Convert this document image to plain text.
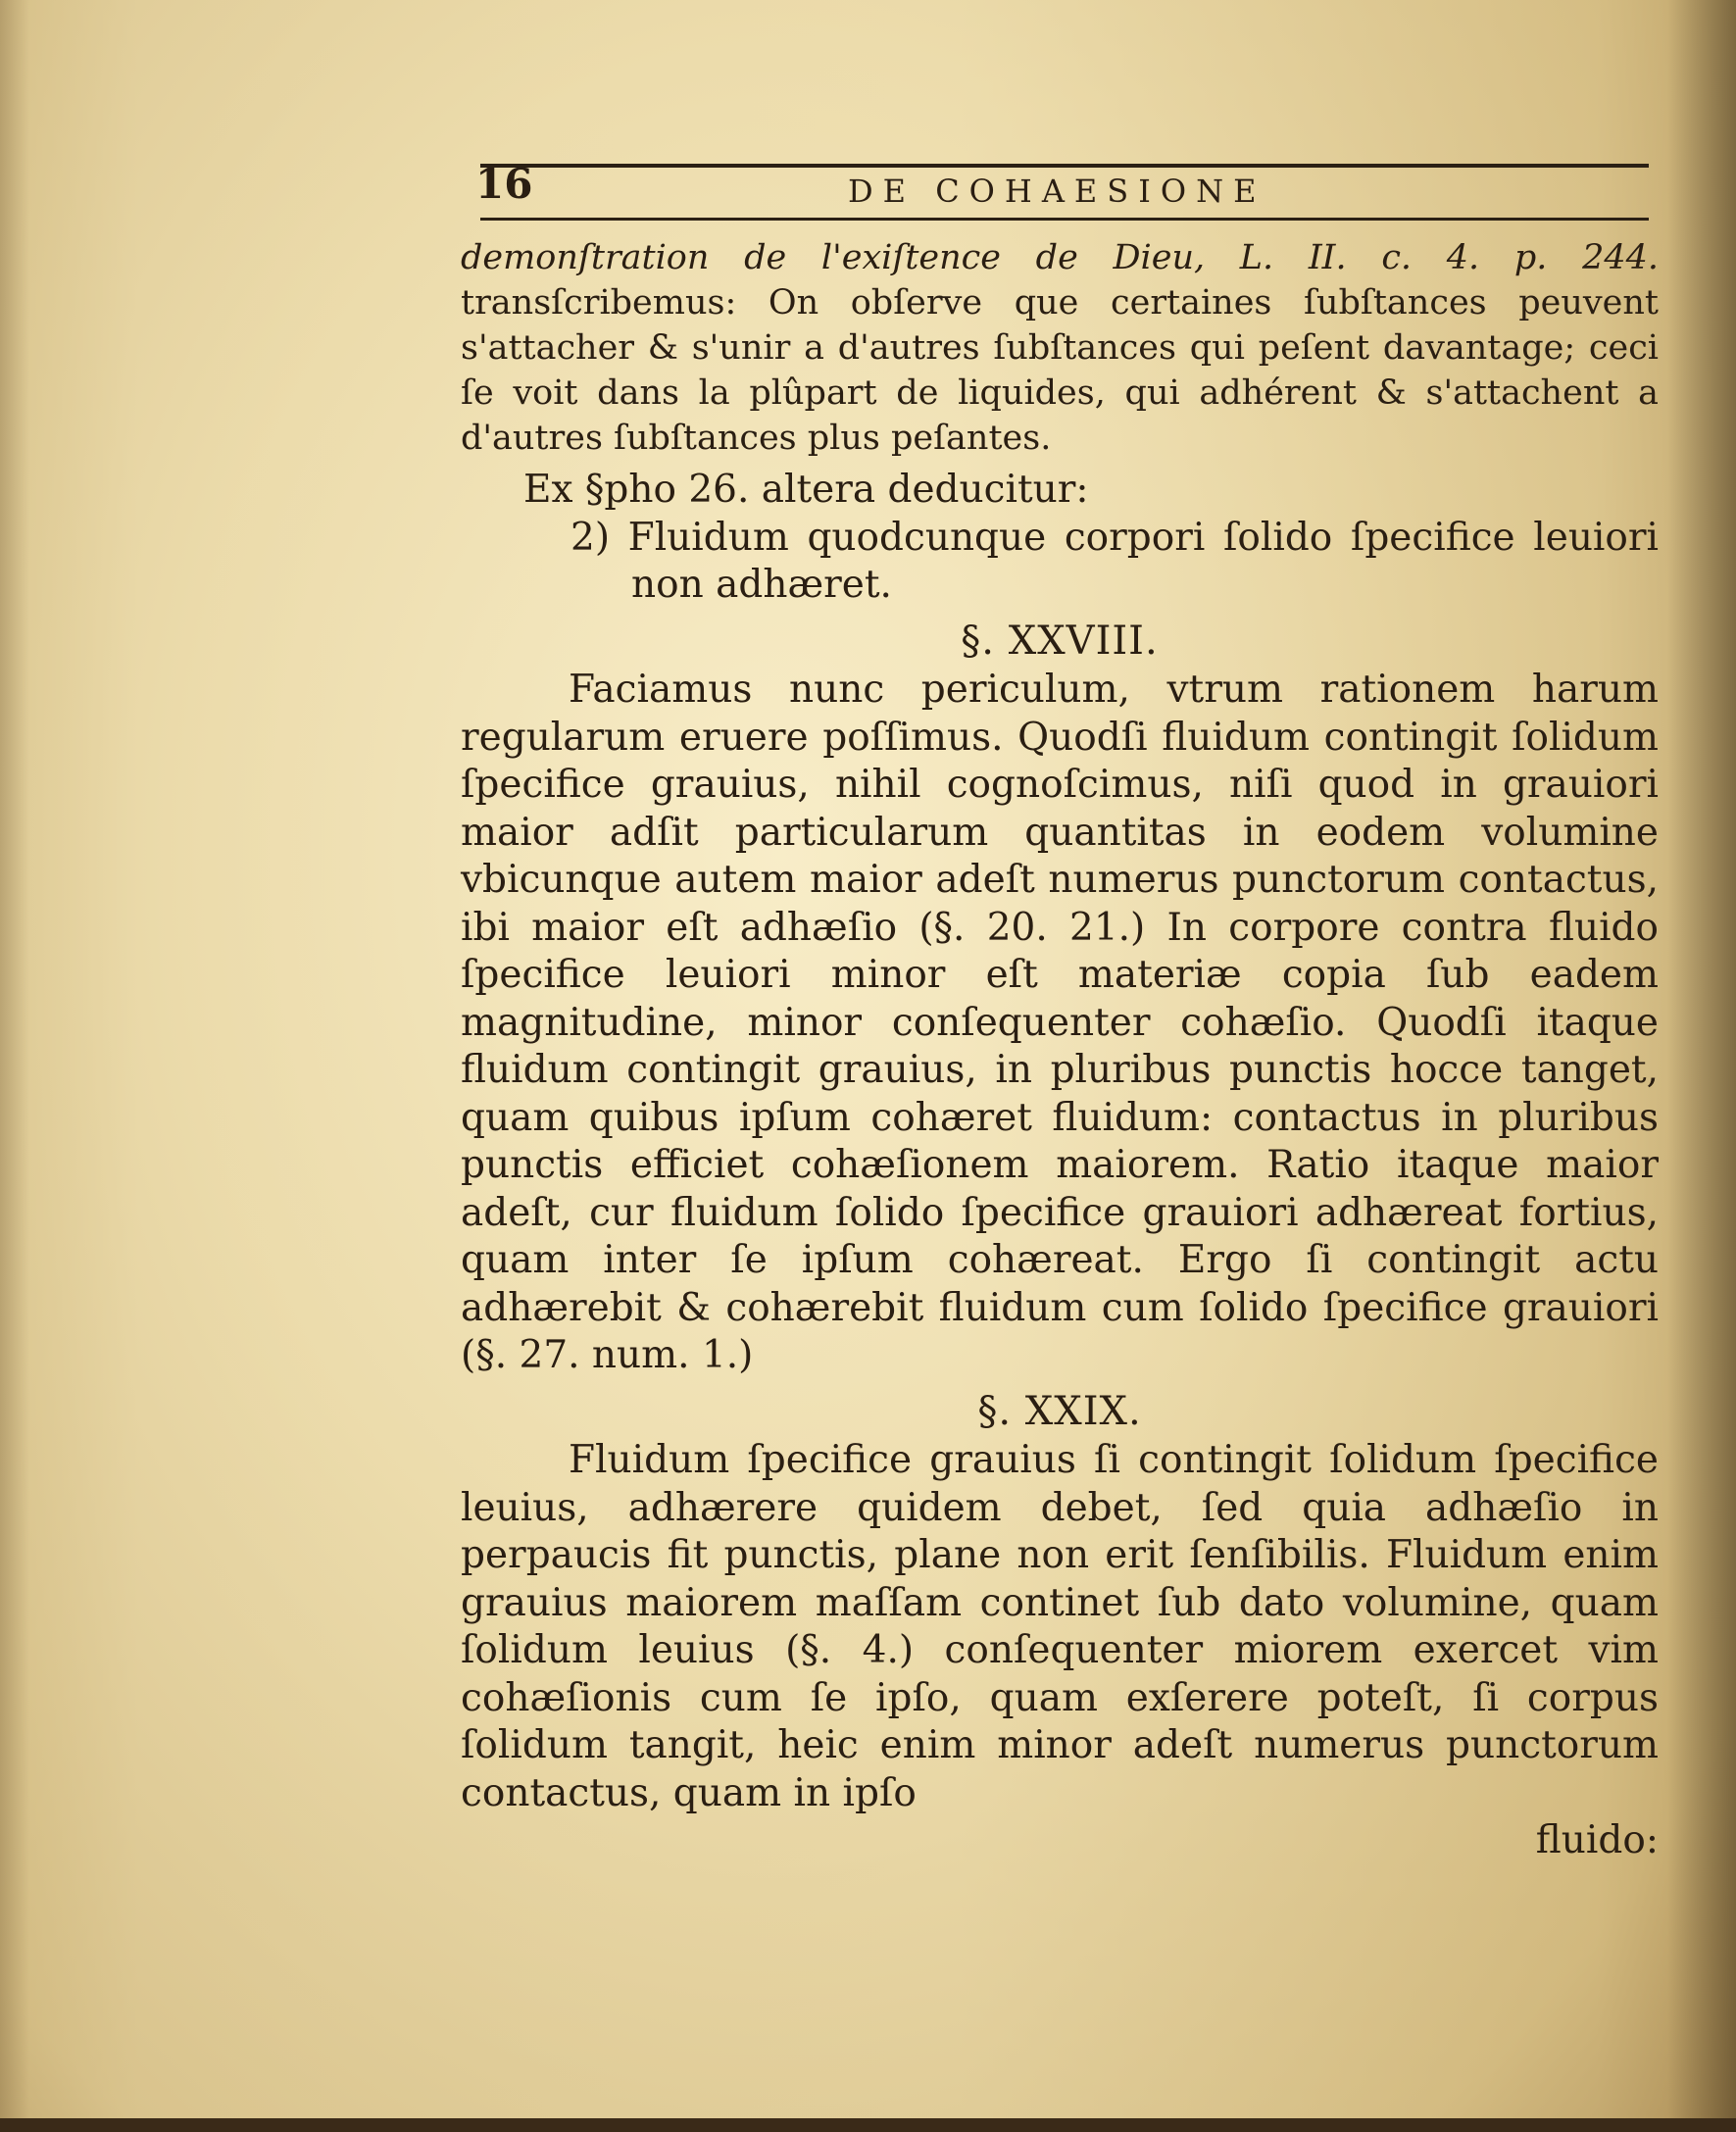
16	DE COHAESIONE

demonſtration de l'exiſtence de Dieu, L. II. c. 4. p. 244. transſcribemus: On obſerve que certaines ſubſtances peuvent s'attacher & s'unir a d'autres ſubſtances qui peſent davantage; ceci ſe voit dans la plûpart de liquides, qui adhérent & s'attachent a d'autres ſubſtances plus peſantes.

Ex §pho 26. altera deducitur:

2) Fluidum quodcunque corpori ſolido ſpecifice leuiori non adhæret.

§. XXVIII.

Faciamus nunc periculum, vtrum rationem harum regularum eruere poſſimus. Quodſi fluidum contingit ſolidum ſpecifice grauius, nihil cognoſcimus, niſi quod in grauiori maior adſit particularum quantitas in eodem volumine vbicunque autem maior adeſt numerus punctorum contactus, ibi maior eſt adhæſio (§. 20. 21.) In corpore contra fluido ſpecifice leuiori minor eſt materiæ copia ſub eadem magnitudine, minor conſequenter cohæſio. Quodſi itaque fluidum contingit grauius, in pluribus punctis hocce tanget, quam quibus ipſum cohæret fluidum: contactus in pluribus punctis efficiet cohæſionem maiorem. Ratio itaque maior adeſt, cur fluidum ſolido ſpecifice grauiori adhæreat fortius, quam inter ſe ipſum cohæreat. Ergo ſi contingit actu adhærebit & cohærebit fluidum cum ſolido ſpecifice grauiori (§. 27. num. 1.)

§. XXIX.

Fluidum ſpecifice grauius ſi contingit ſolidum ſpecifice leuius, adhærere quidem debet, ſed quia adhæſio in perpaucis fit punctis, plane non erit ſenſibilis. Fluidum enim grauius maiorem maſſam continet ſub dato volumine, quam ſolidum leuius (§. 4.) conſequenter miorem exercet vim cohæſionis cum ſe ipſo, quam exſerere poteſt, ſi corpus ſolidum tangit, heic enim minor adeſt numerus punctorum contactus, quam in ipſo

fluido:
